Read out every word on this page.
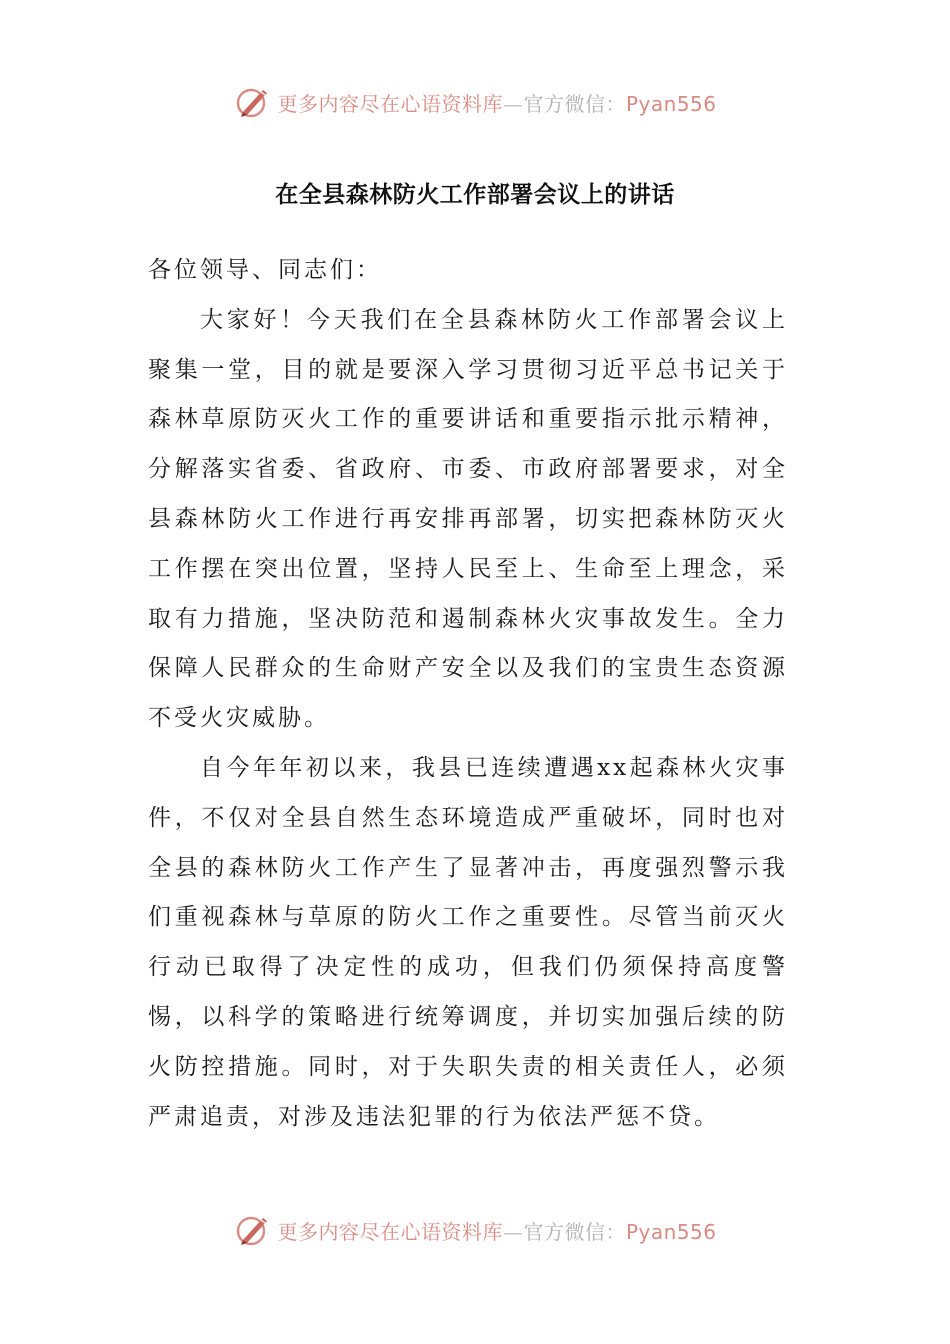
更多内容尽在心语资料库—官方微信：Pyan556
在全县森林防火工作部署会议上的讲话

各位领导、同志们：

大家好！今天我们在全县森林防火工作部署会议上聚集一堂，目的就是要深入学习贯彻习近平总书记关于森林草原防灭火工作的重要讲话和重要指示批示精神，分解落实省委、省政府、市委、市政府部署要求，对全县森林防火工作进行再安排再部署，切实把森林防灭火工作摆在突出位置，坚持人民至上、生命至上理念，采取有力措施，坚决防范和遏制森林火灾事故发生。全力保障人民群众的生命财产安全以及我们的宝贵生态资源不受火灾威胁。

自今年年初以来，我县已连续遭遇xx起森林火灾事件，不仅对全县自然生态环境造成严重破坏，同时也对全县的森林防火工作产生了显著冲击，再度强烈警示我们重视森林与草原的防火工作之重要性。尽管当前灭火行动已取得了决定性的成功，但我们仍须保持高度警惕，以科学的策略进行统筹调度，并切实加强后续的防火防控措施。同时，对于失职失责的相关责任人，必须严肃追责，对涉及违法犯罪的行为依法严惩不贷。

更多内容尽在心语资料库—官方微信：Pyan556
